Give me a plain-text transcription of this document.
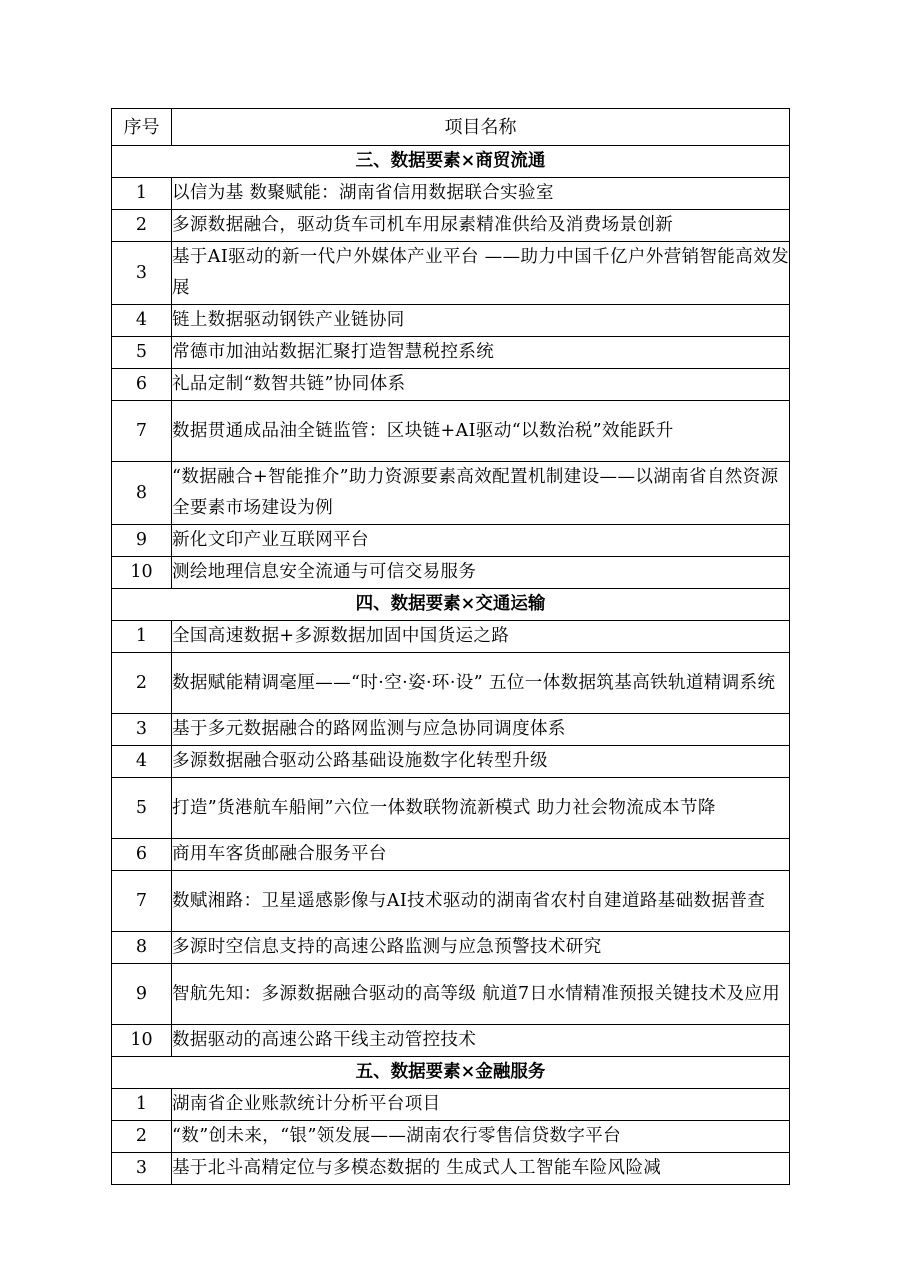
序号	项目名称
三、数据要素×商贸流通	
1	以信为基 数聚赋能：湖南省信用数据联合实验室
2	多源数据融合，驱动货车司机车用尿素精准供给及消费场景创新
3	基于AI驱动的新一代户外媒体产业平台 ——助力中国千亿户外营销智能高效发展
4	链上数据驱动钢铁产业链协同
5	常德市加油站数据汇聚打造智慧税控系统
6	礼品定制“数智共链”协同体系
7	数据贯通成品油全链监管：区块链+AI驱动“以数治税”效能跃升
8	“数据融合+智能推介”助力资源要素高效配置机制建设——以湖南省自然资源全要素市场建设为例
9	新化文印产业互联网平台
10	测绘地理信息安全流通与可信交易服务
四、数据要素×交通运输	
1	全国高速数据+多源数据加固中国货运之路
2	数据赋能精调毫厘——“时·空·姿·环·设” 五位一体数据筑基高铁轨道精调系统
3	基于多元数据融合的路网监测与应急协同调度体系
4	多源数据融合驱动公路基础设施数字化转型升级
5	打造”货港航车船闸”六位一体数联物流新模式 助力社会物流成本节降
6	商用车客货邮融合服务平台
7	数赋湘路：卫星遥感影像与AI技术驱动的湖南省农村自建道路基础数据普查
8	多源时空信息支持的高速公路监测与应急预警技术研究
9	智航先知：多源数据融合驱动的高等级 航道7日水情精准预报关键技术及应用
10	数据驱动的高速公路干线主动管控技术
五、数据要素×金融服务	
1	湖南省企业账款统计分析平台项目
2	“数”创未来，“银”领发展——湖南农行零售信贷数字平台
3	基于北斗高精定位与多模态数据的 生成式人工智能车险风险减
